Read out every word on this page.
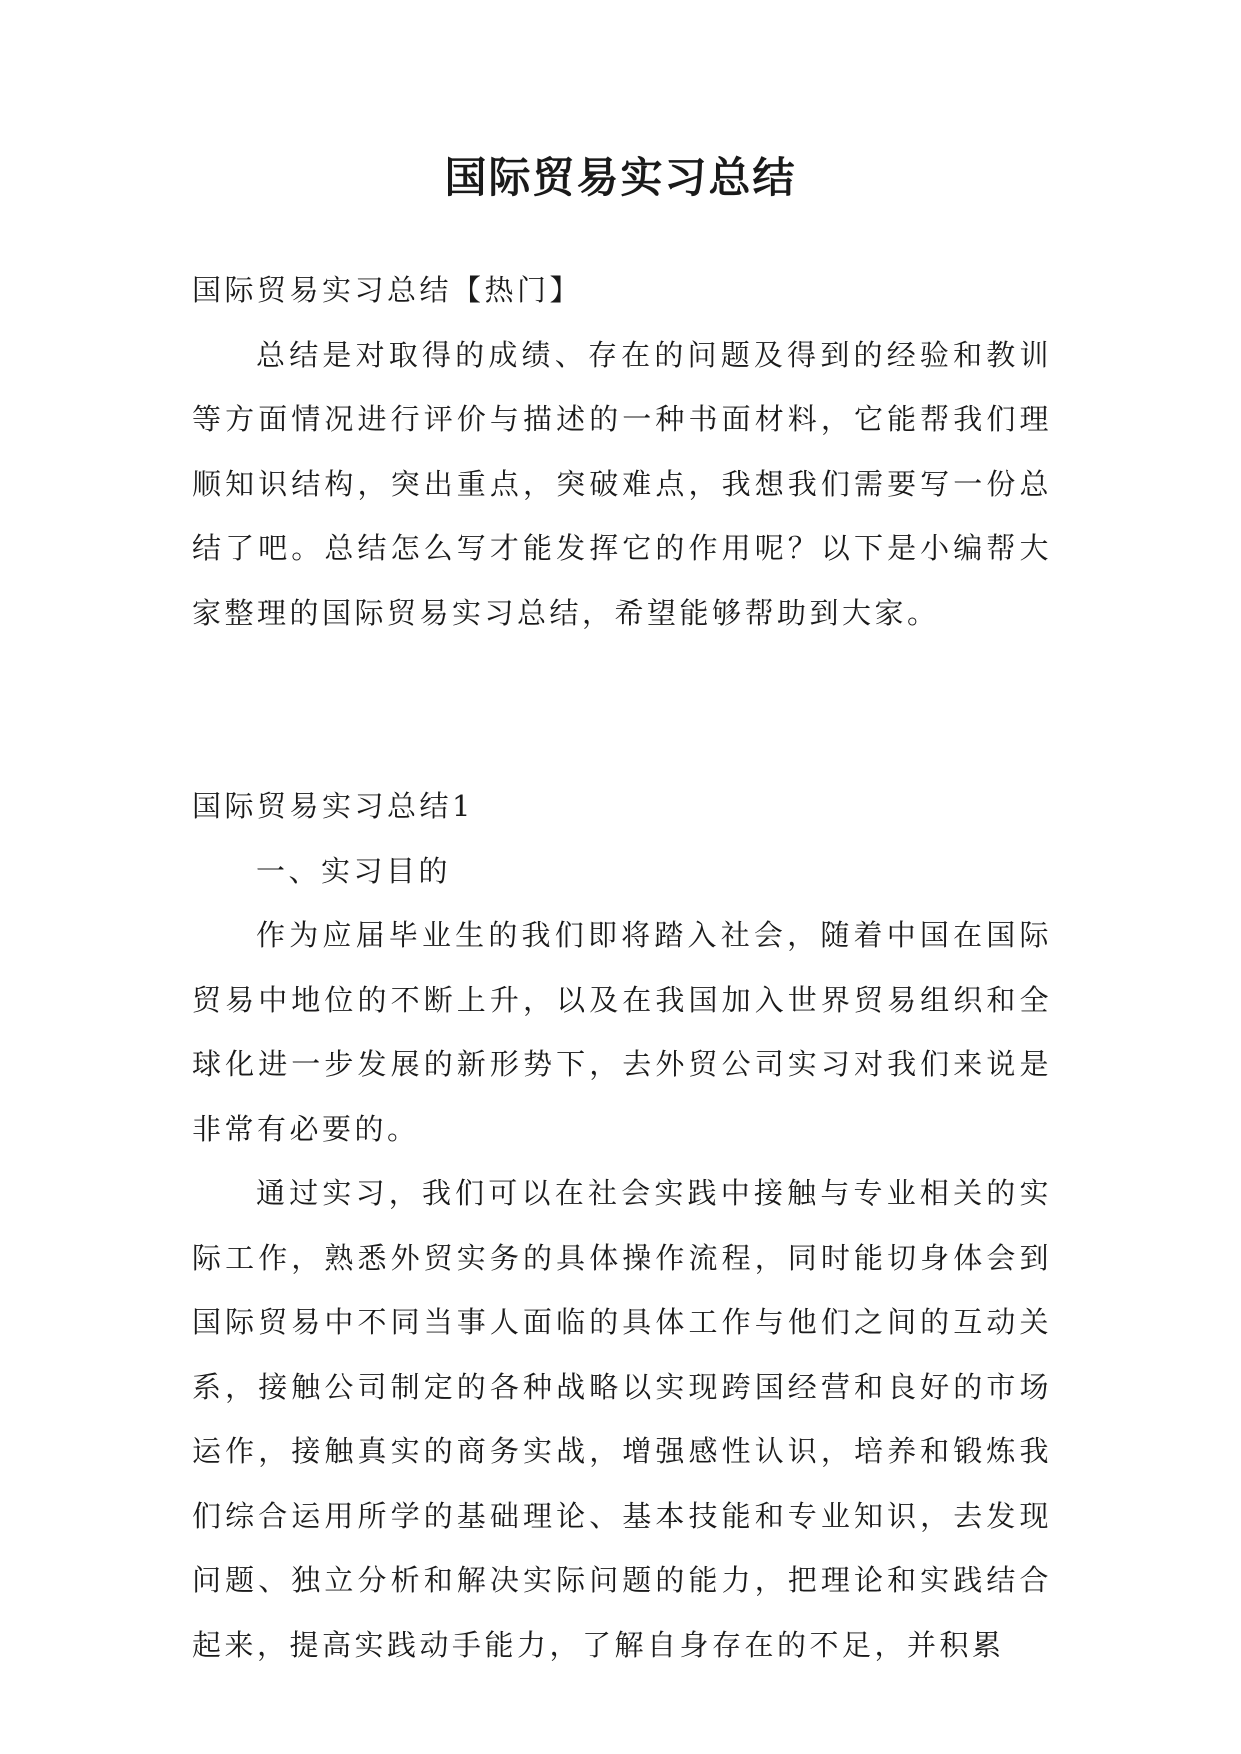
国际贸易实习总结

国际贸易实习总结【热门】

总结是对取得的成绩、存在的问题及得到的经验和教训等方面情况进行评价与描述的一种书面材料，它能帮我们理顺知识结构，突出重点，突破难点，我想我们需要写一份总结了吧。总结怎么写才能发挥它的作用呢？以下是小编帮大家整理的国际贸易实习总结，希望能够帮助到大家。

国际贸易实习总结1

一、实习目的

作为应届毕业生的我们即将踏入社会，随着中国在国际贸易中地位的不断上升，以及在我国加入世界贸易组织和全球化进一步发展的新形势下，去外贸公司实习对我们来说是非常有必要的。

通过实习，我们可以在社会实践中接触与专业相关的实际工作，熟悉外贸实务的具体操作流程，同时能切身体会到国际贸易中不同当事人面临的具体工作与他们之间的互动关系，接触公司制定的各种战略以实现跨国经营和良好的市场运作，接触真实的商务实战，增强感性认识，培养和锻炼我们综合运用所学的基础理论、基本技能和专业知识，去发现问题、独立分析和解决实际问题的能力，把理论和实践结合起来，提高实践动手能力，了解自身存在的不足，并积累
